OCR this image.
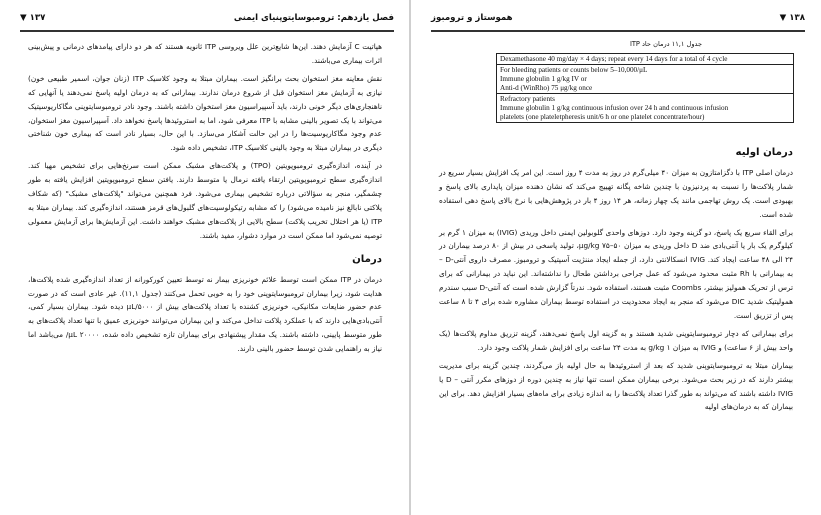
فصل یازدهم: ترومبوسایتوپنیای ایمنی
١٣٧ ▼

هپاتیت C آزمایش دهند. این‌ها شایع‌ترین علل ویروسی ITP ثانویه هستند که هر دو دارای پیامدهای درمانی و پیش‌بینی اثرات بیماری می‌باشند.

نقش معاینه مغز استخوان بحث برانگیز است. بیماران مبتلا به وجود کلاسیک ITP (زنان جوان، اسمیر طبیعی خون) نیازی به آزمایش مغز استخوان قبل از شروع درمان ندارند. بیمارانی که به درمان اولیه پاسخ نمی‌دهند یا آنهایی که ناهنجاری‌های دیگر خونی دارند، باید آسپیراسیون مغز استخوان داشته باشند. وجود نادر ترومبوسایتوپنی مگاکاریوسیتیک می‌تواند با یک تصویر بالینی مشابه با ITP معرفی شود، اما به استروئیدها پاسخ نخواهد داد. آسپیراسیون مغز استخوان، عدم وجود مگاکاریوسیت‌ها را در این حالت آشکار می‌سازد. با این حال، بسیار نادر است که بیماری خون شناختی دیگری در بیماران مبتلا به وجود بالینی کلاسیک ITP، تشخیص داده شود.

در آینده، اندازه‌گیری ترومبوپویتین (TPO) و پلاکت‌های مشبک ممکن است سرنخ‌هایی برای تشخیص مهیا کند. اندازه‌گیری سطح ترومبوپویتین ارتقاء یافته نرمال یا متوسط دارند. یافتن سطح ترومبوپویتین افزایش یافته به طور چشمگیر، منجر به سؤالاتی درباره تشخیص بیماری می‌شود. فرد همچنین می‌تواند "پلاکت‌های مشبک" (که شکاف پلاکتی نابالغ نیز نامیده می‌شود) را که مشابه رتیکولوسیت‌های گلبول‌های قرمز هستند، اندازه‌گیری کند. بیماران مبتلا به ITP (یا هر اختلال تخریب پلاکت) سطح بالایی از پلاکت‌های مشبک خواهند داشت. این آزمایش‌ها برای آزمایش معمولی توصیه نمی‌شود اما ممکن است در موارد دشوار، مفید باشند.

درمان

درمان در ITP ممکن است توسط علائم خونریزی بیمار نه توسط تعیین کورکورانه از تعداد اندازه‌گیری شده پلاکت‌ها، هدایت شود، زیرا بیماران ترومبوسایتوپنی خود را به خوبی تحمل می‌کنند (جدول ١١,١). غیر عادی است که در صورت عدم حضور ضایعات مکانیکی، خونریزی کشنده با تعداد پلاکت‌های بیش از μL/۵۰۰۰ دیده شود. بیماران بسیار کمی، آنتی‌بادی‌هایی دارند که با عملکرد پلاکت تداخل می‌کند و این بیماران می‌توانند خونریزی عمیق با تنها تعداد پلاکت‌های به طور متوسط پایینی، داشته باشند. یک مقدار پیشنهادی برای بیماران تازه تشخیص داده شده، ۲۰۰۰۰ μL/ می‌باشد اما نیاز به راهنمایی شدن توسط حضور بالینی دارند.

١٣٨ ▼
هموستاز و ترومبوز
جدول ١١,١ درمان حاد ITP
Dexamethasone 40 mg/day × 4 days; repeat every 14 days for a total of 4 cycle

For bleeding patients or counts below 5–10,000/μL
Immune globulin 1 g/kg IV or
Anti-d (WinRho) 75 μg/kg once

Refractory patients
Immune globulin 1 g/kg continuous infusion over 24 h and continuous infusion
platelets (one plateletpheresis unit/6 h or one platelet concentrate/hour)
درمان اولیه

درمان اصلی ITP با دگزامتازون به میزان ۴۰ میلی‌گرم در روز به مدت ۴ روز است. این امر یک افزایش بسیار سریع در شمار پلاکت‌ها را نسبت به پردنیزون با چندین شاخه پگانه تهییج می‌کند که نشان دهنده میزان پایداری بالای پاسخ و بهبودی است. یک روش تهاجمی مانند یک چهار زمانه، هر ۱۴ روز ۴ بار در پژوهش‌هایی با نرخ بالای پاسخ دهی استفاده شده است.

برای القاء سریع یک پاسخ، دو گزینه وجود دارد. دوزهای واحدی گلوبولین ایمنی داخل وریدی (IVIG) به میزان ۱ گرم بر کیلوگرم یک بار یا آنتی‌بادی ضد D داخل وریدی به میزان ۵۰–۷۵ μg/kg، تولید پاسخی در بیش از ۸۰ درصد بیماران در ۲۴ الی ۴۸ ساعت ایجاد کند. IVIG انسکالانتی دارد، از جمله ایجاد مننژیت آسپتیک و ترومبوز. مصرف داروی آنتی-D – به بیمارانی با Rh مثبت محدود می‌شود که عمل جراحی برداشتن طحال را نداشته‌اند. این نباید در بیمارانی که برای ترس از تحریک همولیز بیشتر، Coombs مثبت هستند، استفاده شود. ندرتاً گزارش شده است که آنتی-D سبب سندرم همولیتیک شدید DIC می‌شود که منجر به ایجاد محدودیت در استفاده توسط بیماران مشاوره شده برای ۴ تا ۸ ساعت پس از تزریق است.

برای بیمارانی که دچار ترومبوسایتوپنی شدید هستند و به گزینه اول پاسخ نمی‌دهند، گزینه تزریق مداوم پلاکت‌ها (یک واحد بیش از ۶ ساعت) و IVIG به میزان ۱ g/kg به مدت ۲۴ ساعت برای افزایش شمار پلاکت وجود دارد.

بیماران مبتلا به ترومبوسایتوپنی شدید که بعد از استروئیدها به حال اولیه باز می‌گردند، چندین گزینه برای مدیریت بیشتر دارند که در زیر بحث می‌شود. برخی بیماران ممکن است تنها نیاز به چندین دوره از دوزهای مکرر آنتی – D یا IVIG داشته باشند که می‌تواند به طور گذرا تعداد پلاکت‌ها را به اندازه زیادی برای ماه‌های بسیار افزایش دهد. برای این بیماران که به درمان‌های اولیه
